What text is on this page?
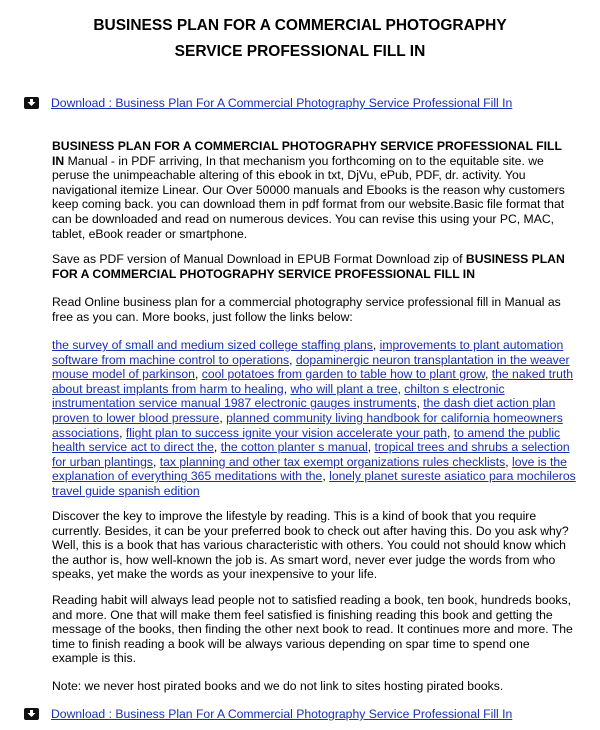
BUSINESS PLAN FOR A COMMERCIAL PHOTOGRAPHY
SERVICE PROFESSIONAL FILL IN
Download : Business Plan For A Commercial Photography Service Professional Fill In

BUSINESS PLAN FOR A COMMERCIAL PHOTOGRAPHY SERVICE PROFESSIONAL FILL IN Manual - in PDF arriving, In that mechanism you forthcoming on to the equitable site. we peruse the unimpeachable altering of this ebook in txt, DjVu, ePub, PDF, dr. activity. You navigational itemize Linear. Our Over 50000 manuals and Ebooks is the reason why customers keep coming back. you can download them in pdf format from our website.Basic file format that can be downloaded and read on numerous devices. You can revise this using your PC, MAC, tablet, eBook reader or smartphone.

Save as PDF version of Manual Download in EPUB Format Download zip of BUSINESS PLAN FOR A COMMERCIAL PHOTOGRAPHY SERVICE PROFESSIONAL FILL IN

Read Online business plan for a commercial photography service professional fill in Manual as free as you can. More books, just follow the links below:

the survey of small and medium sized college staffing plans, improvements to plant automation software from machine control to operations, dopaminergic neuron transplantation in the weaver mouse model of parkinson, cool potatoes from garden to table how to plant grow, the naked truth about breast implants from harm to healing, who will plant a tree, chilton s electronic instrumentation service manual 1987 electronic gauges instruments, the dash diet action plan proven to lower blood pressure, planned community living handbook for california homeowners associations, flight plan to success ignite your vision accelerate your path, to amend the public health service act to direct the, the cotton planter s manual, tropical trees and shrubs a selection for urban plantings, tax planning and other tax exempt organizations rules checklists, love is the explanation of everything 365 meditations with the, lonely planet sureste asiatico para mochileros travel guide spanish edition

Discover the key to improve the lifestyle by reading. This is a kind of book that you require currently. Besides, it can be your preferred book to check out after having this. Do you ask why? Well, this is a book that has various characteristic with others. You could not should know which the author is, how well-known the job is. As smart word, never ever judge the words from who speaks, yet make the words as your inexpensive to your life.

Reading habit will always lead people not to satisfied reading a book, ten book, hundreds books, and more. One that will make them feel satisfied is finishing reading this book and getting the message of the books, then finding the other next book to read. It continues more and more. The time to finish reading a book will be always various depending on spar time to spend one example is this.

Note: we never host pirated books and we do not link to sites hosting pirated books.

Download : Business Plan For A Commercial Photography Service Professional Fill In
